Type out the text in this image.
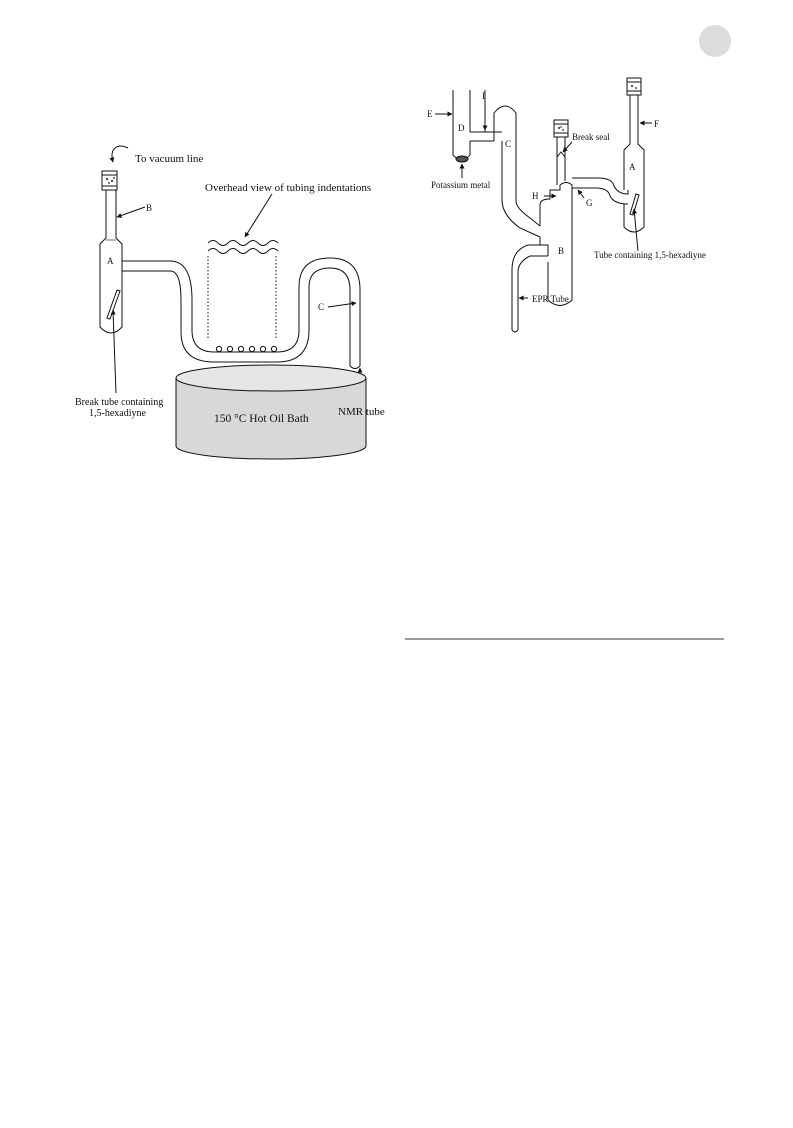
To vacuum line
Overhead view of tubing indentations
B
A
C
Break tube containing
1,5-hexadiyne	150 °C Hot Oil Bath
NMR tube
E
I
D
C
Potassium metal
Break seal
F
H
G
A
B	Tube containing 1,5-hexadiyne
EPR Tube
